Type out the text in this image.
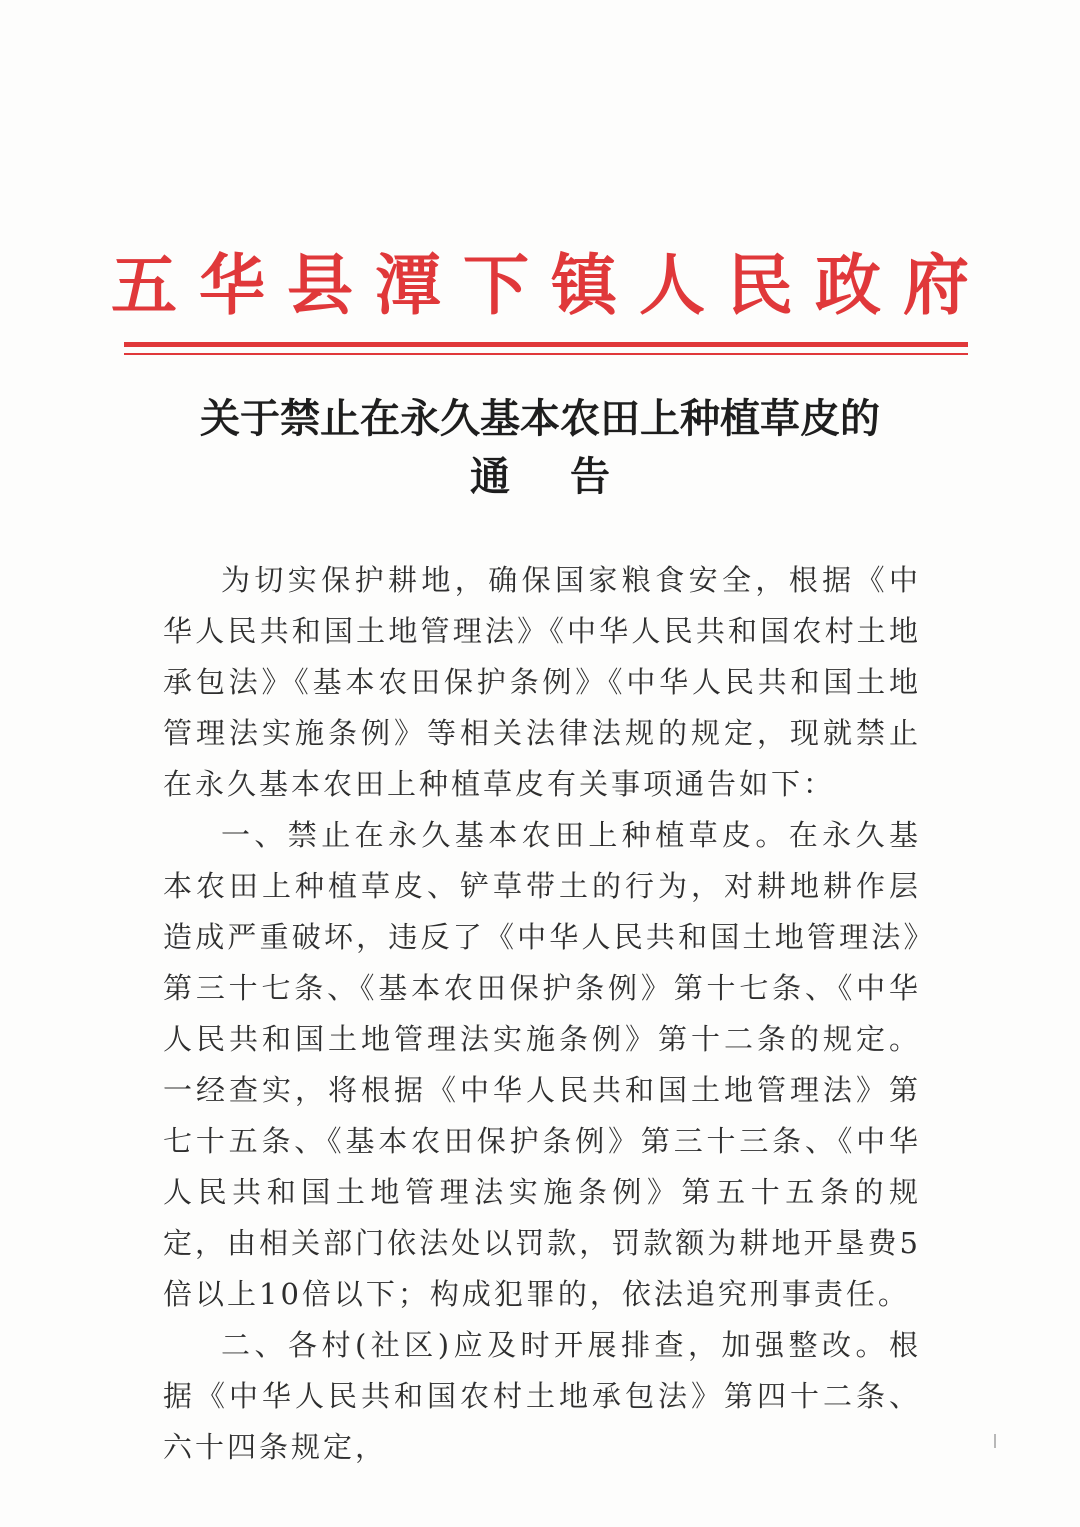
五华县潭下镇人民政府
关于禁止在永久基本农田上种植草皮的
通告

为切实保护耕地，确保国家粮食安全，根据《中华人民共和国土地管理法》《中华人民共和国农村土地承包法》《基本农田保护条例》《中华人民共和国土地管理法实施条例》等相关法律法规的规定，现就禁止在永久基本农田上种植草皮有关事项通告如下：

一、禁止在永久基本农田上种植草皮。在永久基本农田上种植草皮、铲草带土的行为，对耕地耕作层造成严重破坏，违反了《中华人民共和国土地管理法》第三十七条、《基本农田保护条例》第十七条、《中华人民共和国土地管理法实施条例》第十二条的规定。一经查实，将根据《中华人民共和国土地管理法》第七十五条、《基本农田保护条例》第三十三条、《中华人民共和国土地管理法实施条例》第五十五条的规定，由相关部门依法处以罚款，罚款额为耕地开垦费5倍以上10倍以下；构成犯罪的，依法追究刑事责任。

二、各村(社区)应及时开展排查，加强整改。根据《中华人民共和国农村土地承包法》第四十二条、六十四条规定，
